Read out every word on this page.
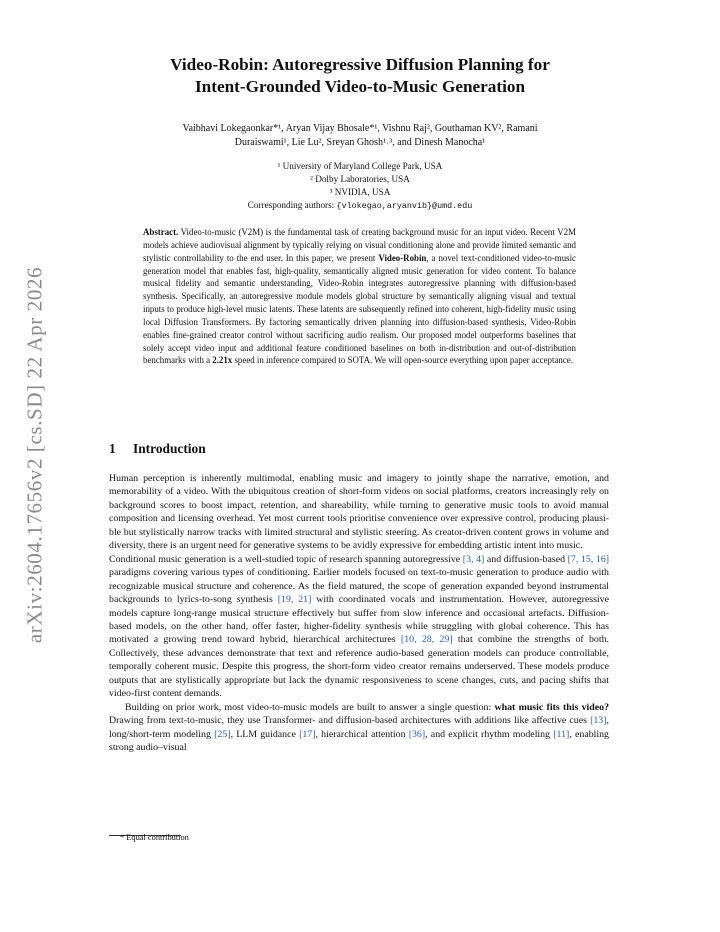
arXiv:2604.17656v2 [cs.SD] 22 Apr 2026
Video-Robin: Autoregressive Diffusion Planning for
Intent-Grounded Video-to-Music Generation
Vaibhavi Lokegaonkar*¹, Aryan Vijay Bhosale*¹, Vishnu Raj², Gouthaman KV², Ramani
Duraiswami¹, Lie Lu², Sreyan Ghosh¹˒³, and Dinesh Manocha¹
¹ University of Maryland College Park, USA
² Dolby Laboratories, USA
³ NVIDIA, USA
Corresponding authors: {vlokegao,aryanvib}@umd.edu
Abstract. Video-to-music (V2M) is the fundamental task of creating background music for an input video. Recent V2M models achieve audiovisual alignment by typically relying on visual conditioning alone and provide limited semantic and stylistic controllability to the end user. In this paper, we present Video-Robin, a novel text-conditioned video-to-music generation model that enables fast, high-quality, semantically aligned music generation for video content. To balance musical fidelity and semantic understanding, Video-Robin integrates autoregressive planning with diffusion-based synthesis. Specifically, an autoregressive module models global structure by semantically aligning visual and textual inputs to produce high-level music latents. These latents are subsequently refined into coherent, high-fidelity music using local Diffusion Transformers. By factoring semantically driven planning into diffusion-based synthesis, Video-Robin enables fine-grained creator control without sacrificing audio realism. Our proposed model outperforms baselines that solely accept video input and additional feature conditioned baselines on both in-distribution and out-of-distribution benchmarks with a 2.21x speed in inference compared to SOTA. We will open-source everything upon paper acceptance.
1 Introduction

Human perception is inherently multimodal, enabling music and imagery to jointly shape the narrative, emotion, and memorability of a video. With the ubiquitous creation of short-form videos on social platforms, creators increasingly rely on background scores to boost impact, retention, and shareability, while turning to generative music tools to avoid manual composition and licensing overhead. Yet most current tools prioritise convenience over expressive control, producing plausible but stylistically narrow tracks with limited structural and stylistic steering. As creator-driven content grows in volume and diversity, there is an urgent need for generative systems to be avidly expressive for embedding artistic intent into music.

Conditional music generation is a well-studied topic of research spanning autoregressive [3, 4] and diffusion-based [7, 15, 16] paradigms covering various types of conditioning. Earlier models focused on text-to-music generation to produce audio with recognizable musical structure and coherence. As the field matured, the scope of generation expanded beyond instrumental backgrounds to lyrics-to-song synthesis [19, 21] with coordinated vocals and instrumentation. However, autoregressive models capture long-range musical structure effectively but suffer from slow inference and occasional artefacts. Diffusion-based models, on the other hand, offer faster, higher-fidelity synthesis while struggling with global coherence. This has motivated a growing trend toward hybrid, hierarchical architectures [10, 28, 29] that combine the strengths of both. Collectively, these advances demonstrate that text and reference audio-based generation models can produce controllable, temporally coherent music. Despite this progress, the short-form video creator remains underserved. These models produce outputs that are stylistically appropriate but lack the dynamic responsiveness to scene changes, cuts, and pacing shifts that video-first content demands.

Building on prior work, most video-to-music models are built to answer a single question: what music fits this video? Drawing from text-to-music, they use Transformer- and diffusion-based architectures with additions like affective cues [13], long/short-term modeling [25], LLM guidance [17], hierarchical attention [36], and explicit rhythm modeling [11], enabling strong audio–visual

* Equal contribution
